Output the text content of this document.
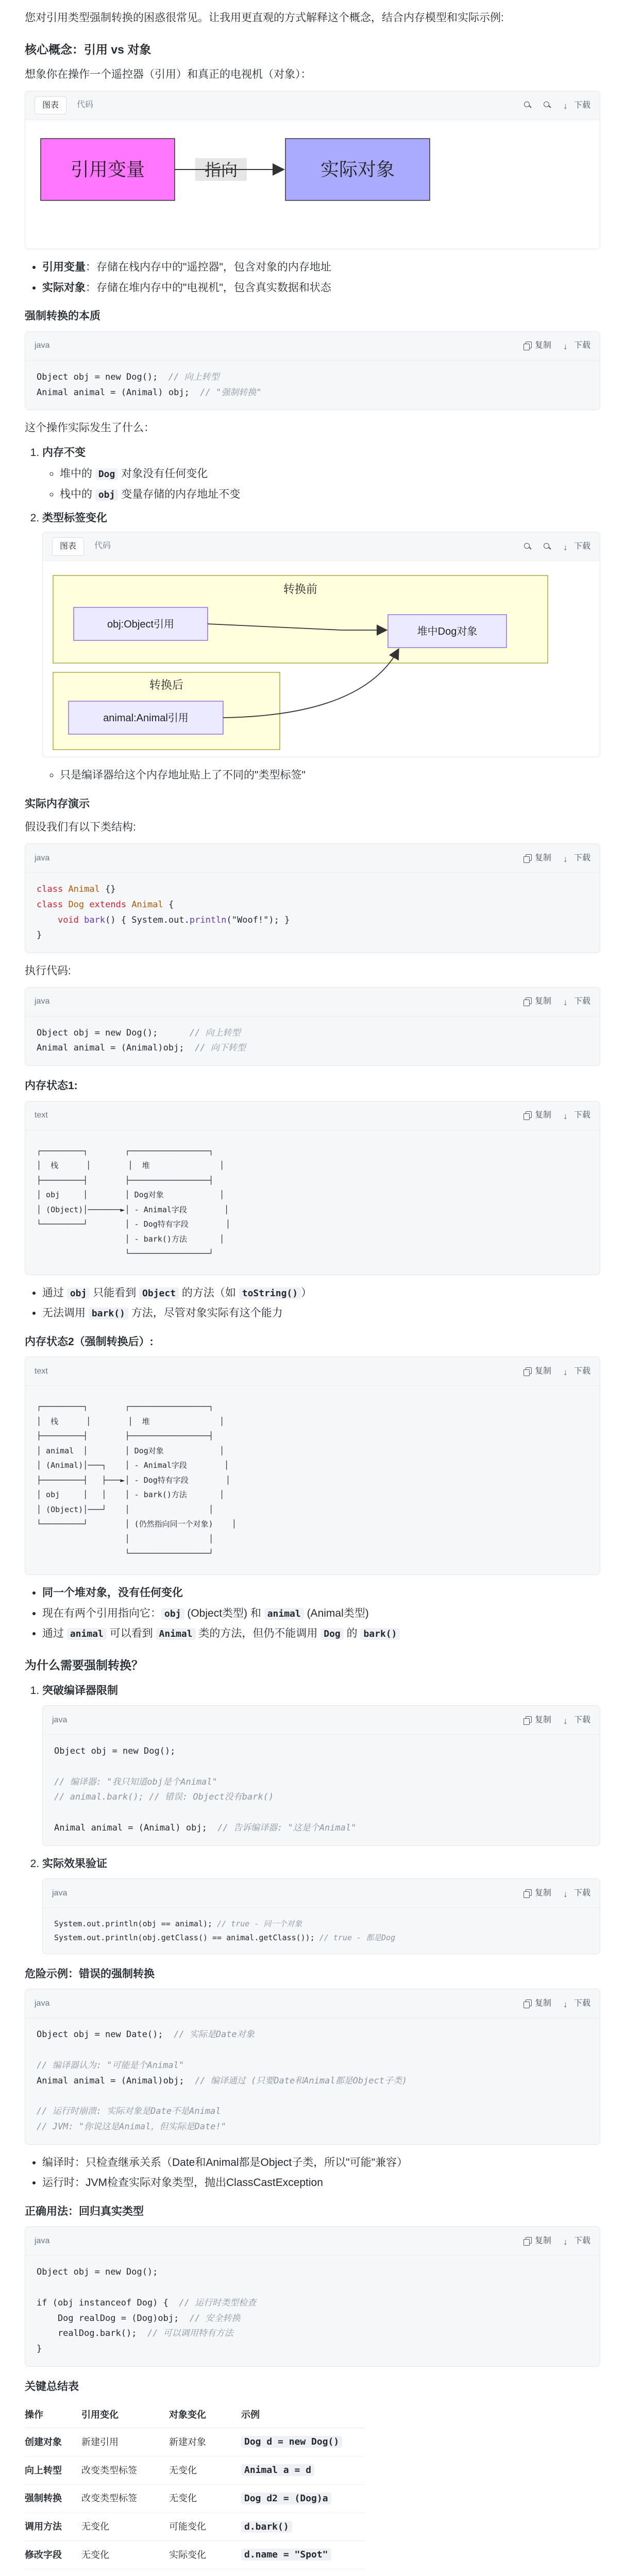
您对引用类型强制转换的困惑很常见。让我用更直观的方式解释这个概念，结合内存模型和实际示例:

核心概念：引用 vs 对象

想象你在操作一个遥控器（引用）和真正的电视机（对象）：

图表	代码 ↓	下载
引用变量	指向	实际对象
• 引用变量：存储在栈内存中的"遥控器"，包含对象的内存地址
• 实际对象：存储在堆内存中的"电视机"，包含真实数据和状态
强制转换的本质
java	复制 ↓	下载
Object obj = new Dog(); // 向上转型
Animal animal = (Animal) obj; // "强制转换"

这个操作实际发生了什么：

1. 内存不变
◦ 堆中的 Dog 对象没有任何变化
◦ 栈中的 obj 变量存储的内存地址不变
2. 类型标签变化
图表	代码 ↓	下载
转换前
obj:Object引用
堆中Dog对象
转换后
animal:Animal引用
◦ 只是编译器给这个内存地址贴上了不同的"类型标签"
实际内存演示

假设我们有以下类结构:

java	复制 ↓	下载
class Animal {}
class Dog extends Animal {
void bark() { System.out.println("Woof!"); }
}

执行代码:

java	复制 ↓	下载
Object obj = new Dog();	// 向上转型
Animal animal = (Animal)obj; // 向下转型
内存状态1:
text	复制 ↓	下载
┌─────────┐        ┌─────────────────┐
│  栈      │        │  堆               │
├─────────┤        ├─────────────────┤
│ obj     │        │ Dog对象            │
│ (Object)│───────►│ - Animal字段        │
└─────────┘        │ - Dog特有字段        │
│ - bark()方法       │
└─────────────────┘
• 通过 obj 只能看到 Object 的方法（如 toString() ）
• 无法调用 bark() 方法，尽管对象实际有这个能力
内存状态2（强制转换后）:
text	复制 ↓	下载
┌─────────┐        ┌─────────────────┐
│  栈      │        │  堆               │
├─────────┤        ├─────────────────┤
│ animal  │        │ Dog对象            │
│ (Animal)│───┐    │ - Animal字段        │
├─────────┤   ├───►│ - Dog特有字段        │
│ obj     │   │    │ - bark()方法       │
│ (Object)│───┘    │                 │
└─────────┘        │ (仍然指向同一个对象)    │
│                 │
└─────────────────┘
• 同一个堆对象，没有任何变化
• 现在有两个引用指向它： obj (Object类型) 和 animal (Animal类型)
• 通过 animal 可以看到 Animal 类的方法，但仍不能调用 Dog 的 bark()
为什么需要强制转换？
1. 突破编译器限制
java	复制 ↓	下载
Object obj = new Dog();

// 编译器: "我只知道obj是个Animal"
// animal.bark(); // 错误: Object没有bark()

Animal animal = (Animal) obj; // 告诉编译器: "这是个Animal"
2. 实际效果验证
java	复制 ↓	下载
System.out.println(obj == animal); // true - 同一个对象
System.out.println(obj.getClass() == animal.getClass()); // true - 都是Dog
危险示例：错误的强制转换
java	复制 ↓	下载
Object obj = new Date(); // 实际是Date对象

// 编译器认为: "可能是个Animal"
Animal animal = (Animal)obj; // 编译通过 (只要Date和Animal都是Object子类)

// 运行时崩溃: 实际对象是Date不是Animal
// JVM: "你说这是Animal，但实际是Date!"
• 编译时：只检查继承关系（Date和Animal都是Object子类，所以"可能"兼容）
• 运行时：JVM检查实际对象类型，抛出ClassCastException
正确用法：回归真实类型
java	复制 ↓	下载
Object obj = new Dog();

if (obj instanceof Dog) { // 运行时类型检查
Dog realDog = (Dog)obj; // 安全转换
realDog.bark(); // 可以调用特有方法
}
关键总结表
操作	引用变化	对象变化	示例
创建对象	新建引用	新建对象	Dog d = new Dog()
向上转型	改变类型标签	无变化	Animal a = d
强制转换	改变类型标签	无变化	Dog d2 = (Dog)a
调用方法	无变化	可能变化	d.bark()
修改字段	无变化	实际变化	d.name = "Spot"
